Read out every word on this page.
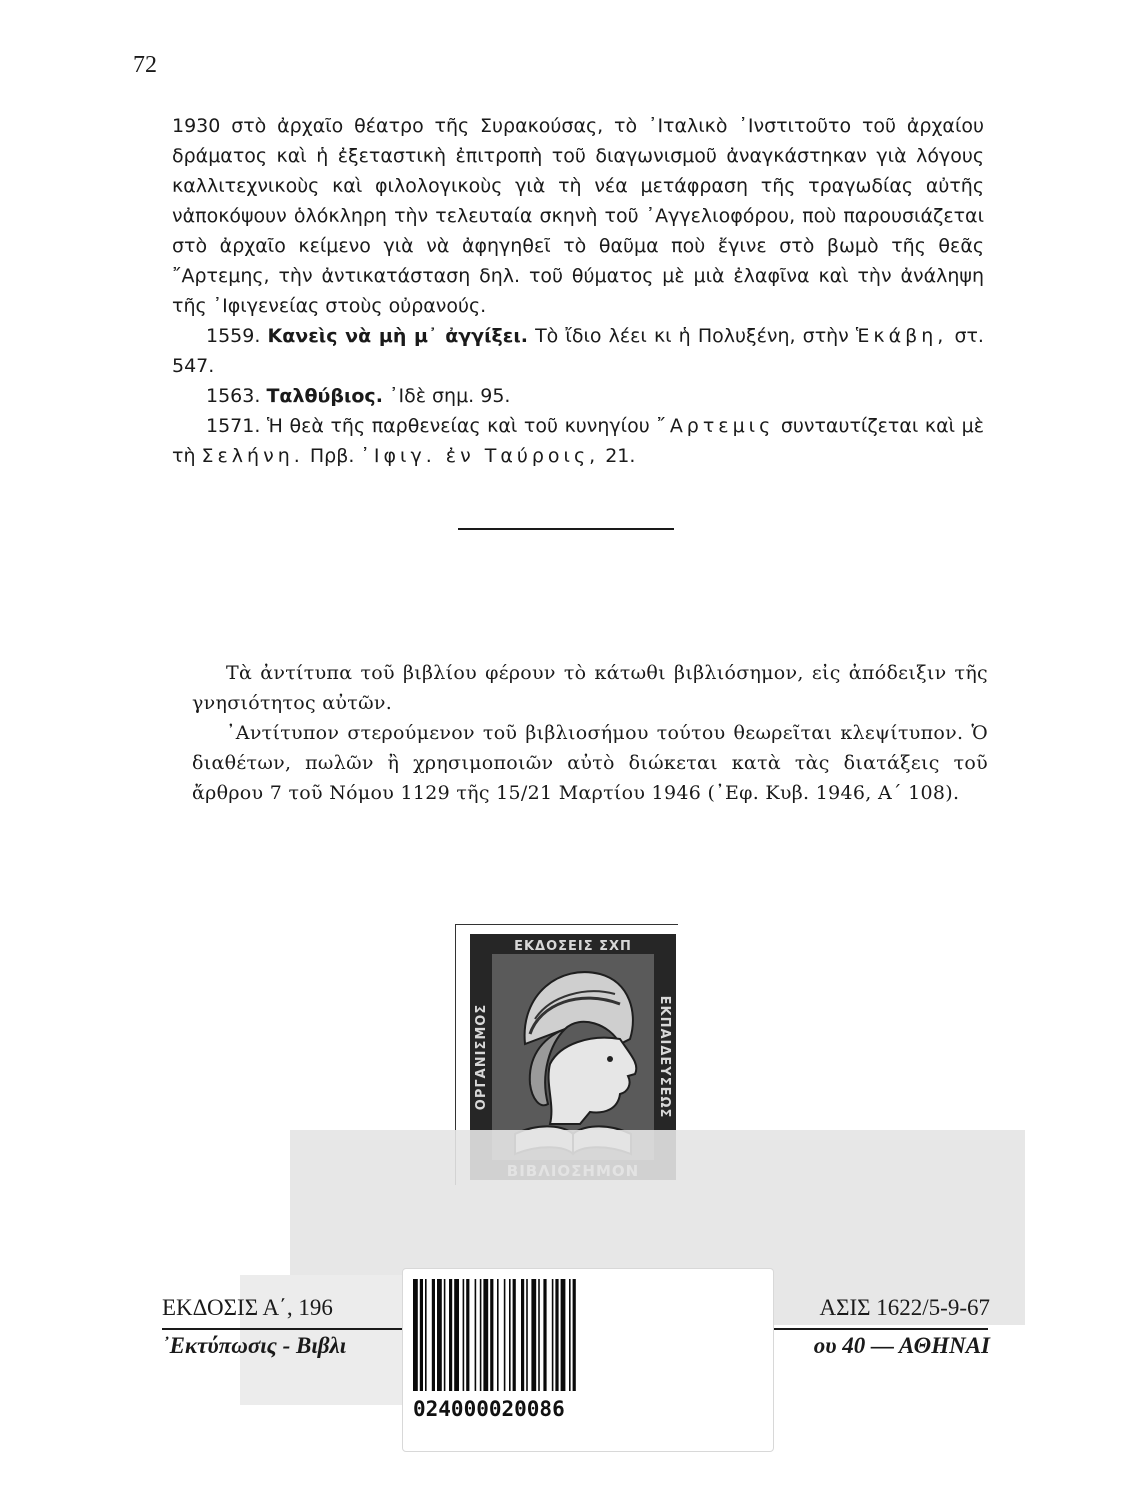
72

1930 στὸ ἀρχαῖο θέατρο τῆς Συρακούσας, τὸ ᾿Ιταλικὸ ᾿Ινστιτοῦτο τοῦ ἀρχαίου δράματος καὶ ἡ ἐξεταστικὴ ἐπιτροπὴ τοῦ διαγωνισμοῦ ἀναγκάστηκαν γιὰ λόγους καλλιτεχνικοὺς καὶ φιλολογικοὺς γιὰ τὴ νέα μετάφραση τῆς τραγωδίας αὐτῆς νἀποκόψουν ὁλόκληρη τὴν τελευταία σκηνὴ τοῦ ᾿Αγγελιοφόρου, ποὺ παρουσιάζεται στὸ ἀρχαῖο κείμενο γιὰ νὰ ἀφηγηθεῖ τὸ θαῦμα ποὺ ἔγινε στὸ βωμὸ τῆς θεᾶς ῎Αρτεμης, τὴν ἀντικατάσταση δηλ. τοῦ θύματος μὲ μιὰ ἐλαφῖνα καὶ τὴν ἀνάληψη τῆς ᾿Ιφιγενείας στοὺς οὐρανούς.

1559. Κανεὶς νὰ μὴ μ᾿ ἀγγίξει. Τὸ ἴδιο λέει κι ἡ Πολυξένη, στὴν Ἑκάβη, στ. 547.

1563. Ταλθύβιος. ᾿Ιδὲ σημ. 95.

1571. Ἡ θεὰ τῆς παρθενείας καὶ τοῦ κυνηγίου ῎Αρτεμις συνταυτίζεται καὶ μὲ τὴ Σελήνη. Πρβ. ᾿Ιφιγ. ἐν Ταύροις, 21.

Τὰ ἀντίτυπα τοῦ βιβλίου φέρουν τὸ κάτωθι βιβλιόσημον, εἰς ἀπόδειξιν τῆς γνησιότητος αὐτῶν.

᾿Αντίτυπον στερούμενον τοῦ βιβλιοσήμου τούτου θεωρεῖται κλεψίτυπον. Ὁ διαθέτων, πωλῶν ἢ χρησιμοποιῶν αὐτὸ διώκεται κατὰ τὰς διατάξεις τοῦ ἄρθρου 7 τοῦ Νόμου 1129 τῆς 15/21 Μαρτίου 1946 (᾿Εφ. Κυβ. 1946, Α΄ 108).

ΕΚΔΟΣΕΙΣ ΣΧΠ
ΟΡΓΑΝΙΣΜΟΣ	ΕΚΠΑΙΔΕΥΣΕΩΣ
ΕΚΔΟΣΙΣ Α΄, 196	ΑΣΙΣ 1622/5-9-67
᾿Εκτύπωσις - Βιβλι	ου 40 — ΑΘΗΝΑΙ
024000020086
